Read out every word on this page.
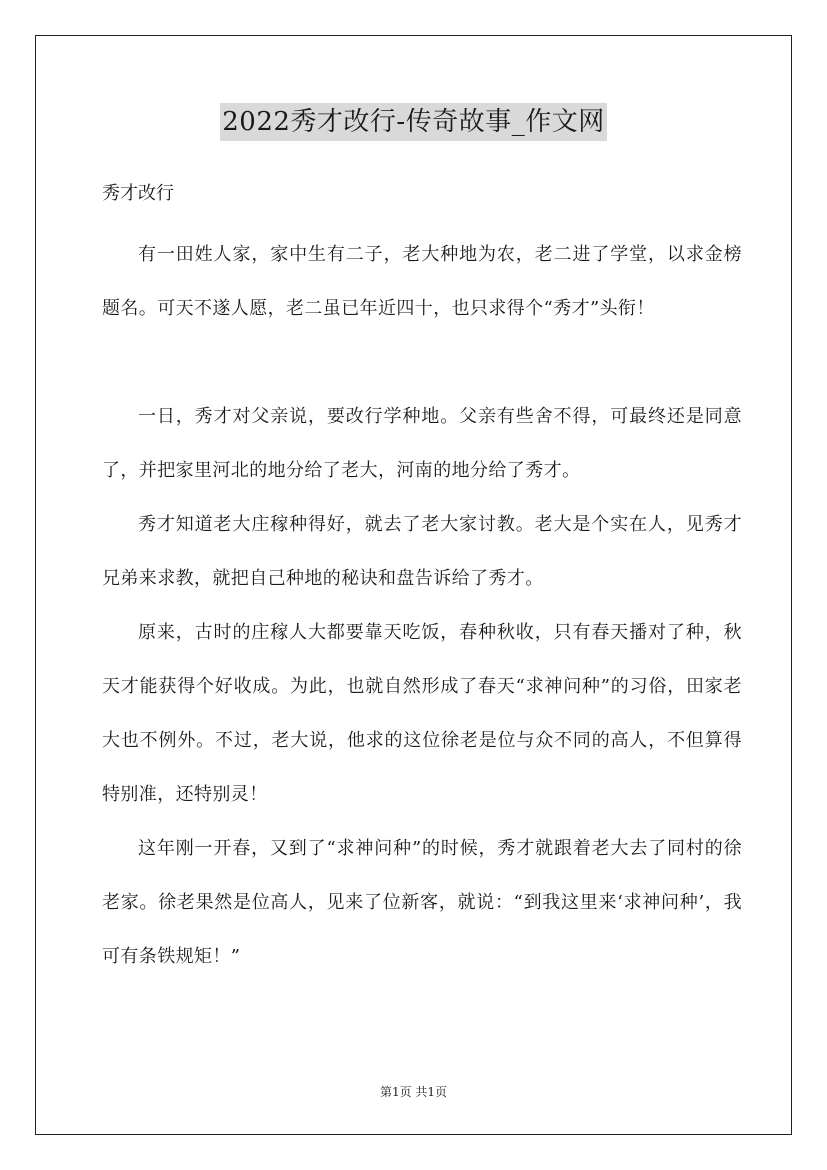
2022秀才改行-传奇故事_作文网
秀才改行

有一田姓人家，家中生有二子，老大种地为农，老二进了学堂，以求金榜题名。可天不遂人愿，老二虽已年近四十，也只求得个“秀才”头衔！

一日，秀才对父亲说，要改行学种地。父亲有些舍不得，可最终还是同意了，并把家里河北的地分给了老大，河南的地分给了秀才。

秀才知道老大庄稼种得好，就去了老大家讨教。老大是个实在人，见秀才兄弟来求教，就把自己种地的秘诀和盘告诉给了秀才。

原来，古时的庄稼人大都要靠天吃饭，春种秋收，只有春天播对了种，秋天才能获得个好收成。为此，也就自然形成了春天“求神问种”的习俗，田家老大也不例外。不过，老大说，他求的这位徐老是位与众不同的高人，不但算得特别准，还特别灵！

这年刚一开春，又到了“求神问种”的时候，秀才就跟着老大去了同村的徐老家。徐老果然是位高人，见来了位新客，就说：“到我这里来‘求神问种’，我可有条铁规矩！”

第1页 共1页
